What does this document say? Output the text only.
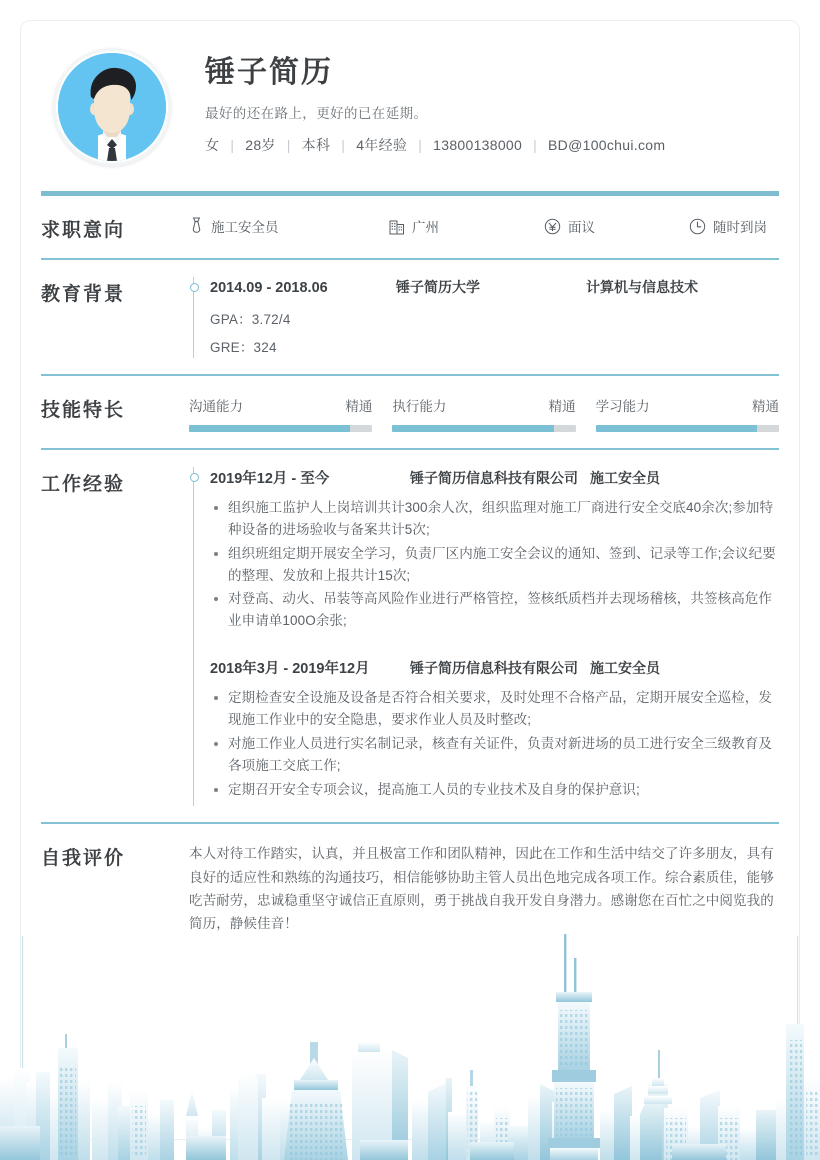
锤子简历
最好的还在路上，更好的已在延期。
女 | 28岁 | 本科 | 4年经验 | 13800138000 | BD@100chui.com
求职意向	施工安全员	广州	面议	随时到岗
教育背景	2014.09 - 2018.06	锤子简历大学	计算机与信息技术
GPA：3.72/4
GRE：324
技能特长	沟通能力	精通 执行能力	精通 学习能力	精通
工作经验	2019年12月 - 至今	锤子简历信息科技有限公司 施工安全员
组织施工监护人上岗培训共计300余人次，组织监理对施工厂商进行安全交底40余次;参加特种设备的进场验收与备案共计5次;
组织班组定期开展安全学习，负责厂区内施工安全会议的通知、签到、记录等工作;会议纪要的整理、发放和上报共计15次;
对登高、动火、吊装等高风险作业进行严格管控，签核纸质档并去现场稽核，共签核高危作业申请单100O余张;
2018年3月 - 2019年12月	锤子简历信息科技有限公司 施工安全员
定期检查安全设施及设备是否符合相关要求，及时处理不合格产品，定期开展安全巡检，发现施工作业中的安全隐患，要求作业人员及时整改;
对施工作业人员进行实名制记录，核查有关证件，负责对新进场的员工进行安全三级教育及各项施工交底工作;
定期召开安全专项会议，提高施工人员的专业技术及自身的保护意识;
自我评价	本人对待工作踏实，认真，并且极富工作和团队精神，因此在工作和生活中结交了许多朋友，具有良好的适应性和熟练的沟通技巧，相信能够协助主管人员出色地完成各项工作。综合素质佳，能够吃苦耐劳，忠诚稳重坚守诚信正直原则，勇于挑战自我开发自身潜力。感谢您在百忙之中阅览我的简历，静候佳音！
